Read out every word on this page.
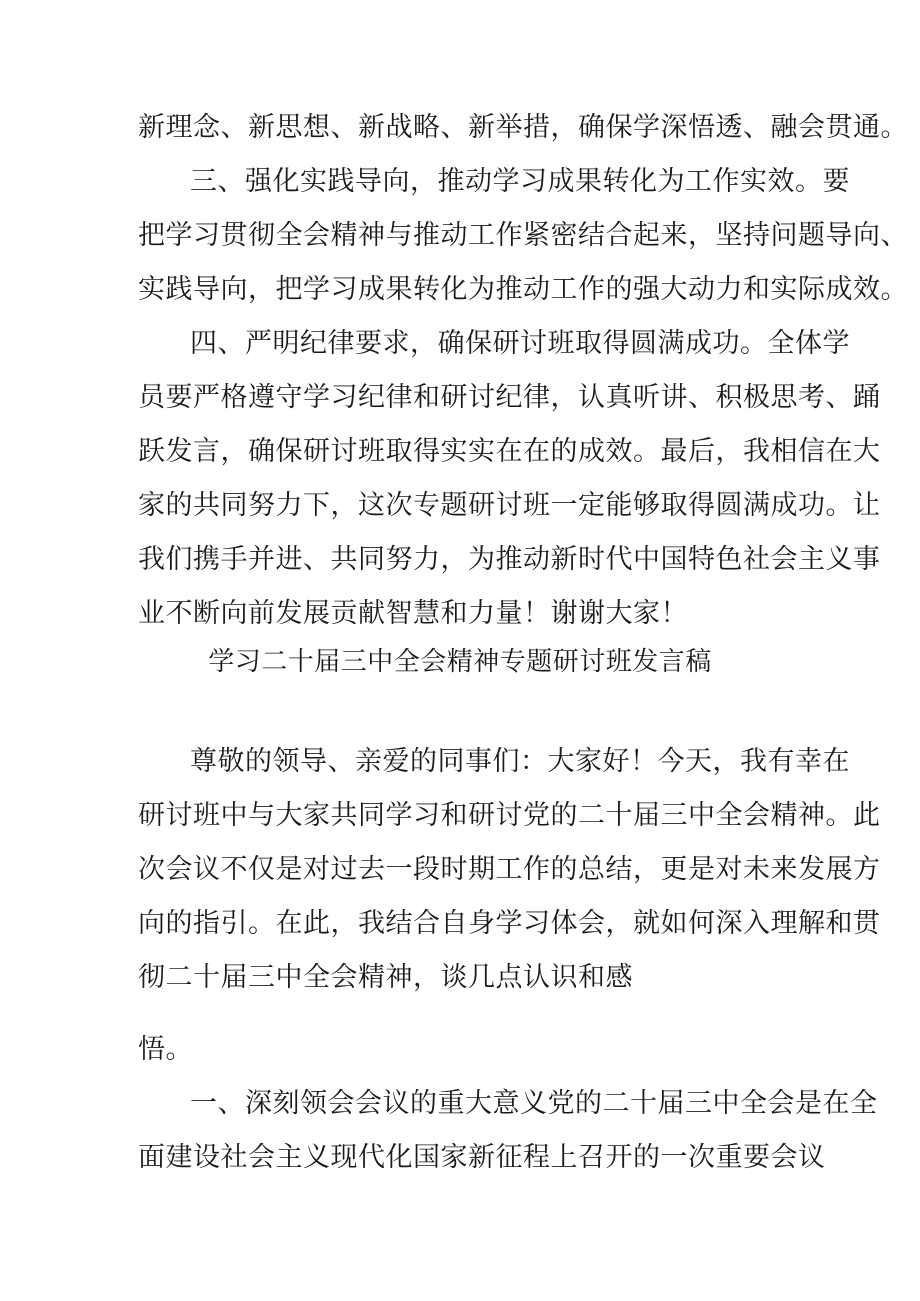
新理念、新思想、新战略、新举措，确保学深悟透、融会贯通。
三、强化实践导向，推动学习成果转化为工作实效。要
把学习贯彻全会精神与推动工作紧密结合起来，坚持问题导向、
实践导向，把学习成果转化为推动工作的强大动力和实际成效。
四、严明纪律要求，确保研讨班取得圆满成功。全体学
员要严格遵守学习纪律和研讨纪律，认真听讲、积极思考、踊
跃发言，确保研讨班取得实实在在的成效。最后，我相信在大
家的共同努力下，这次专题研讨班一定能够取得圆满成功。让
我们携手并进、共同努力，为推动新时代中国特色社会主义事
业不断向前发展贡献智慧和力量！谢谢大家！
学习二十届三中全会精神专题研讨班发言稿
尊敬的领导、亲爱的同事们：大家好！今天，我有幸在
研讨班中与大家共同学习和研讨党的二十届三中全会精神。此
次会议不仅是对过去一段时期工作的总结，更是对未来发展方
向的指引。在此，我结合自身学习体会，就如何深入理解和贯
彻二十届三中全会精神，谈几点认识和感
悟。
一、深刻领会会议的重大意义党的二十届三中全会是在全
面建设社会主义现代化国家新征程上召开的一次重要会议
